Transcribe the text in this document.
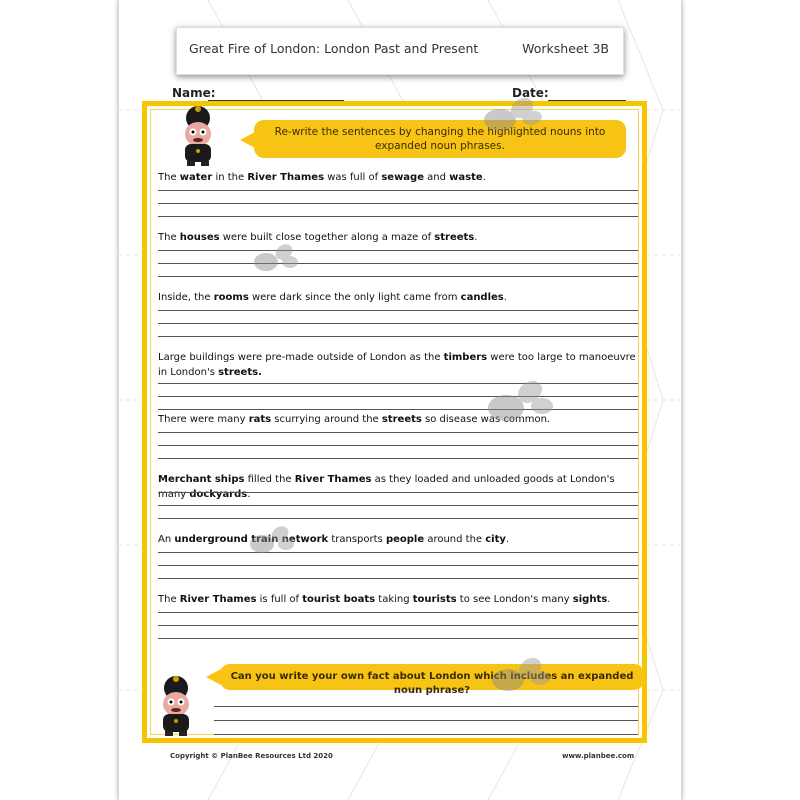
Great Fire of London: London Past and Present	Worksheet 3B
Name:	Date:
Re-write the sentences by changing the highlighted nouns into expanded noun phrases.
The water in the River Thames was full of sewage and waste.
The houses were built close together along a maze of streets.
Inside, the rooms were dark since the only light came from candles.
Large buildings were pre-made outside of London as the timbers were too large to manoeuvre in London's streets.
There were many rats scurrying around the streets so disease was common.
Merchant ships filled the River Thames as they loaded and unloaded goods at London's many dockyards.
An underground train network transports people around the city.
The River Thames is full of tourist boats taking tourists to see London's many sights.
Can you write your own fact about London which includes an expanded noun phrase?
Copyright © PlanBee Resources Ltd 2020	www.planbee.com
